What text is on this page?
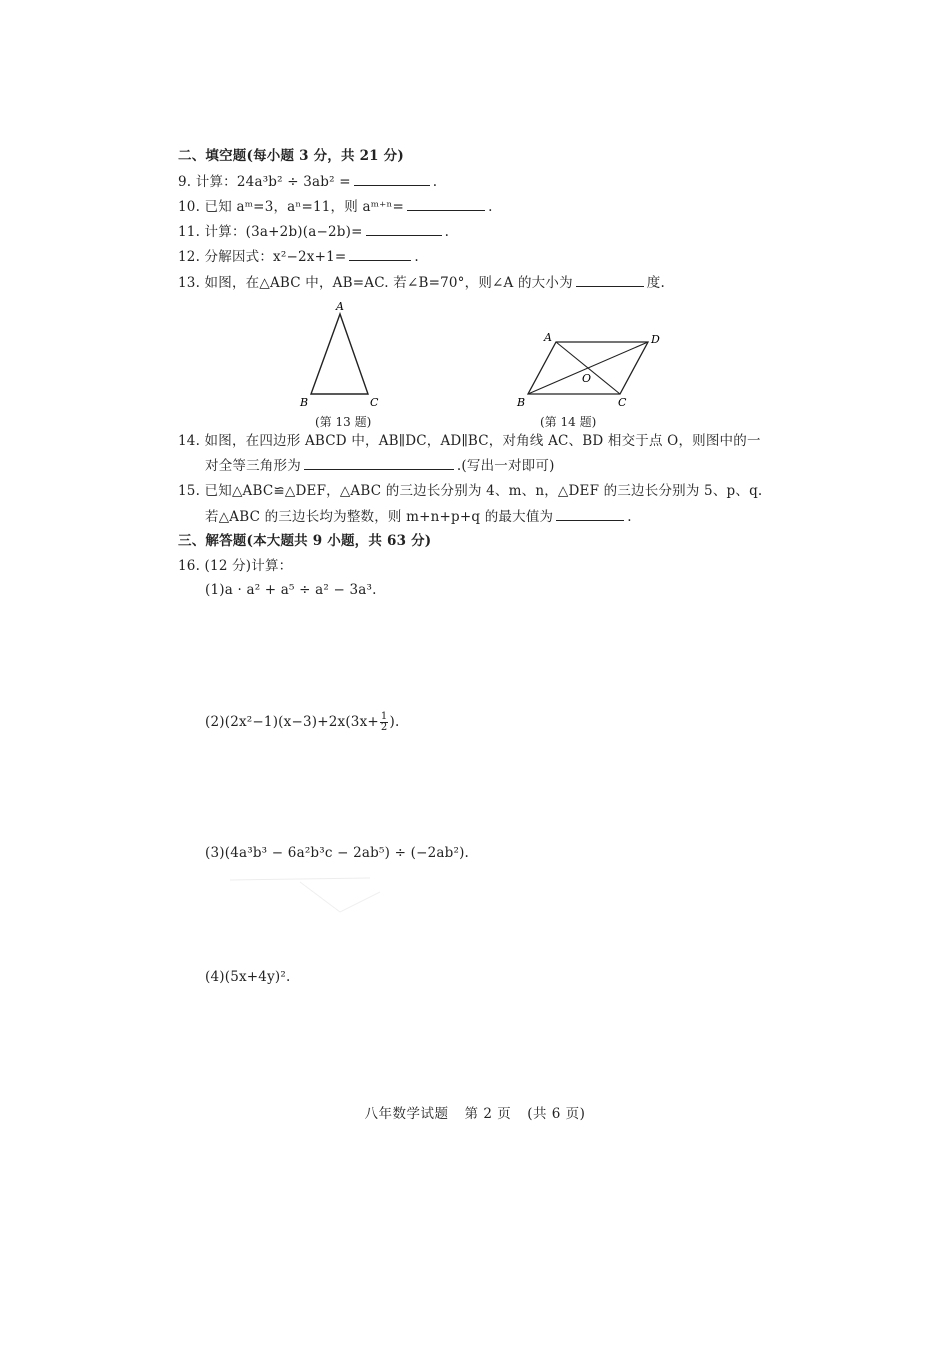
二、填空题(每小题 3 分，共 21 分)
9. 计算：24a³b² ÷ 3ab² =	.
10. 已知 aᵐ=3，aⁿ=11，则 aᵐ⁺ⁿ=	.
11. 计算：(3a+2b)(a−2b)=	.
12. 分解因式：x²−2x+1=	.
13. 如图，在△ABC 中，AB=AC. 若∠B=70°，则∠A 的大小为	度.
A
B	C
(第 13 题)
A	D
B	C
O
(第 14 题)
14. 如图，在四边形 ABCD 中，AB∥DC，AD∥BC，对角线 AC、BD 相交于点 O，则图中的一
对全等三角形为	.(写出一对即可)
15. 已知△ABC≌△DEF，△ABC 的三边长分别为 4、m、n，△DEF 的三边长分别为 5、p、q.
若△ABC 的三边长均为整数，则 m+n+p+q 的最大值为	.
三、解答题(本大题共 9 小题，共 63 分)
16. (12 分)计算：
(1)a · a² + a⁵ ÷ a² − 3a³.
$(2)(2x^2-1)(x-3)+2x(3x+ \frac{1}{2}$ ).
(3)(4a³b³ − 6a²b³c − 2ab⁵) ÷ (−2ab²).
(4)(5x+4y)².
八年数学试题 第 2 页 (共 6 页)
